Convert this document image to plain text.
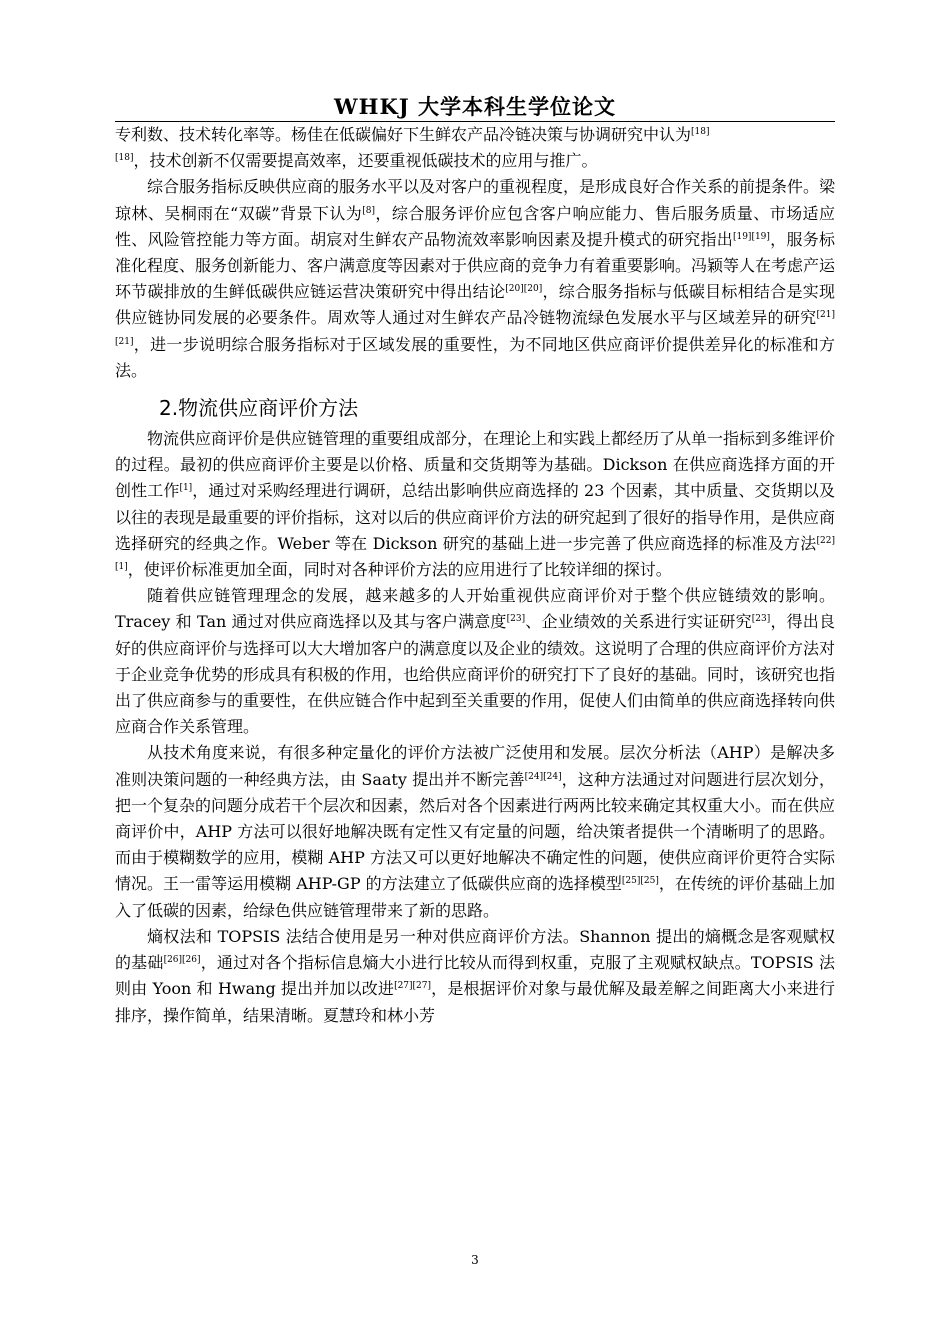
WHKJ 大学本科生学位论文

专利数、技术转化率等。杨佳在低碳偏好下生鲜农产品冷链决策与协调研究中认为[18]
[18]，技术创新不仅需要提高效率，还要重视低碳技术的应用与推广。

综合服务指标反映供应商的服务水平以及对客户的重视程度，是形成良好合作关系的前提条件。梁琼林、吴桐雨在“双碳”背景下认为[8]，综合服务评价应包含客户响应能力、售后服务质量、市场适应性、风险管控能力等方面。胡宸对生鲜农产品物流效率影响因素及提升模式的研究指出[19][19]，服务标准化程度、服务创新能力、客户满意度等因素对于供应商的竞争力有着重要影响。冯颖等人在考虑产运环节碳排放的生鲜低碳供应链运营决策研究中得出结论[20][20]，综合服务指标与低碳目标相结合是实现供应链协同发展的必要条件。周欢等人通过对生鲜农产品冷链物流绿色发展水平与区域差异的研究[21][21]，进一步说明综合服务指标对于区域发展的重要性，为不同地区供应商评价提供差异化的标准和方法。

2.物流供应商评价方法

物流供应商评价是供应链管理的重要组成部分，在理论上和实践上都经历了从单一指标到多维评价的过程。最初的供应商评价主要是以价格、质量和交货期等为基础。Dickson 在供应商选择方面的开创性工作[1]，通过对采购经理进行调研，总结出影响供应商选择的 23 个因素，其中质量、交货期以及以往的表现是最重要的评价指标，这对以后的供应商评价方法的研究起到了很好的指导作用，是供应商选择研究的经典之作。Weber 等在 Dickson 研究的基础上进一步完善了供应商选择的标准及方法[22][1]，使评价标准更加全面，同时对各种评价方法的应用进行了比较详细的探讨。

随着供应链管理理念的发展，越来越多的人开始重视供应商评价对于整个供应链绩效的影响。Tracey 和 Tan 通过对供应商选择以及其与客户满意度[23]、企业绩效的关系进行实证研究[23]，得出良好的供应商评价与选择可以大大增加客户的满意度以及企业的绩效。这说明了合理的供应商评价方法对于企业竞争优势的形成具有积极的作用，也给供应商评价的研究打下了良好的基础。同时，该研究也指出了供应商参与的重要性，在供应链合作中起到至关重要的作用，促使人们由简单的供应商选择转向供应商合作关系管理。

从技术角度来说，有很多种定量化的评价方法被广泛使用和发展。层次分析法（AHP）是解决多准则决策问题的一种经典方法，由 Saaty 提出并不断完善[24][24]，这种方法通过对问题进行层次划分，把一个复杂的问题分成若干个层次和因素，然后对各个因素进行两两比较来确定其权重大小。而在供应商评价中，AHP 方法可以很好地解决既有定性又有定量的问题，给决策者提供一个清晰明了的思路。而由于模糊数学的应用，模糊 AHP 方法又可以更好地解决不确定性的问题，使供应商评价更符合实际情况。王一雷等运用模糊 AHP-GP 的方法建立了低碳供应商的选择模型[25][25]，在传统的评价基础上加入了低碳的因素，给绿色供应链管理带来了新的思路。

熵权法和 TOPSIS 法结合使用是另一种对供应商评价方法。Shannon 提出的熵概念是客观赋权的基础[26][26]，通过对各个指标信息熵大小进行比较从而得到权重，克服了主观赋权缺点。TOPSIS 法则由 Yoon 和 Hwang 提出并加以改进[27][27]，是根据评价对象与最优解及最差解之间距离大小来进行排序，操作简单，结果清晰。夏慧玲和林小芳

3
